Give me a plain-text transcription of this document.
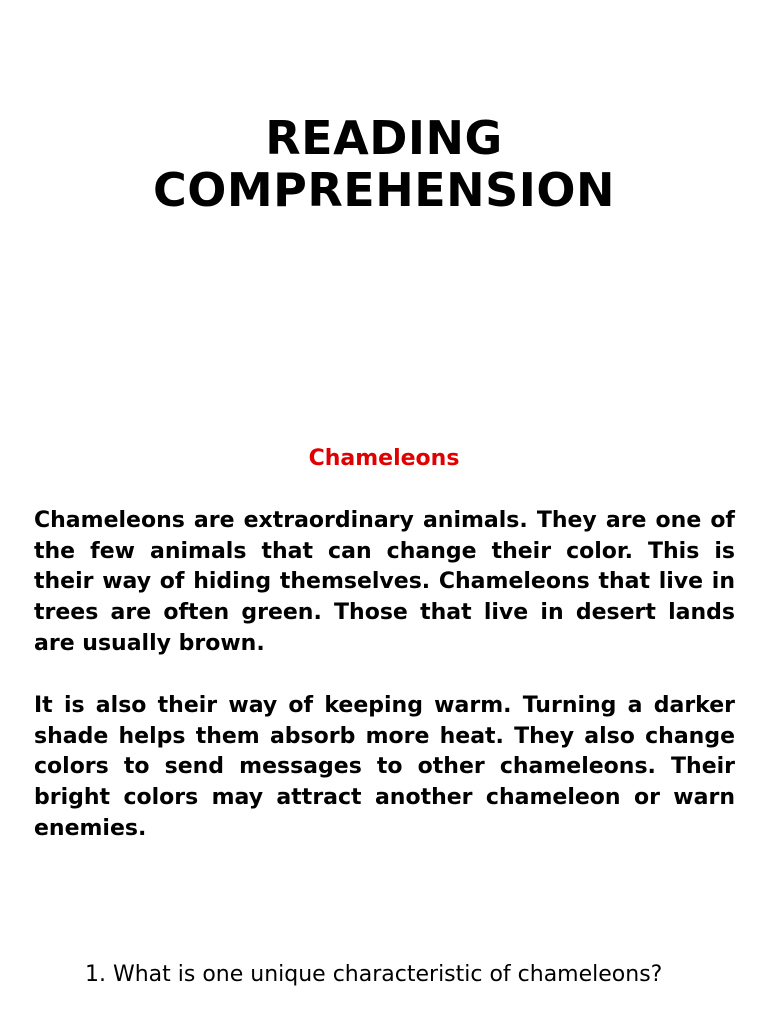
READING
COMPREHENSION
Chameleons

Chameleons are extraordinary animals. They are one of the few animals that can change their color. This is their way of hiding themselves. Chameleons that live in trees are often green. Those that live in desert lands are usually brown.

It is also their way of keeping warm. Turning a darker shade helps them absorb more heat. They also change colors to send messages to other chameleons. Their bright colors may attract another chameleon or warn enemies.

1. What is one unique characteristic of chameleons?
